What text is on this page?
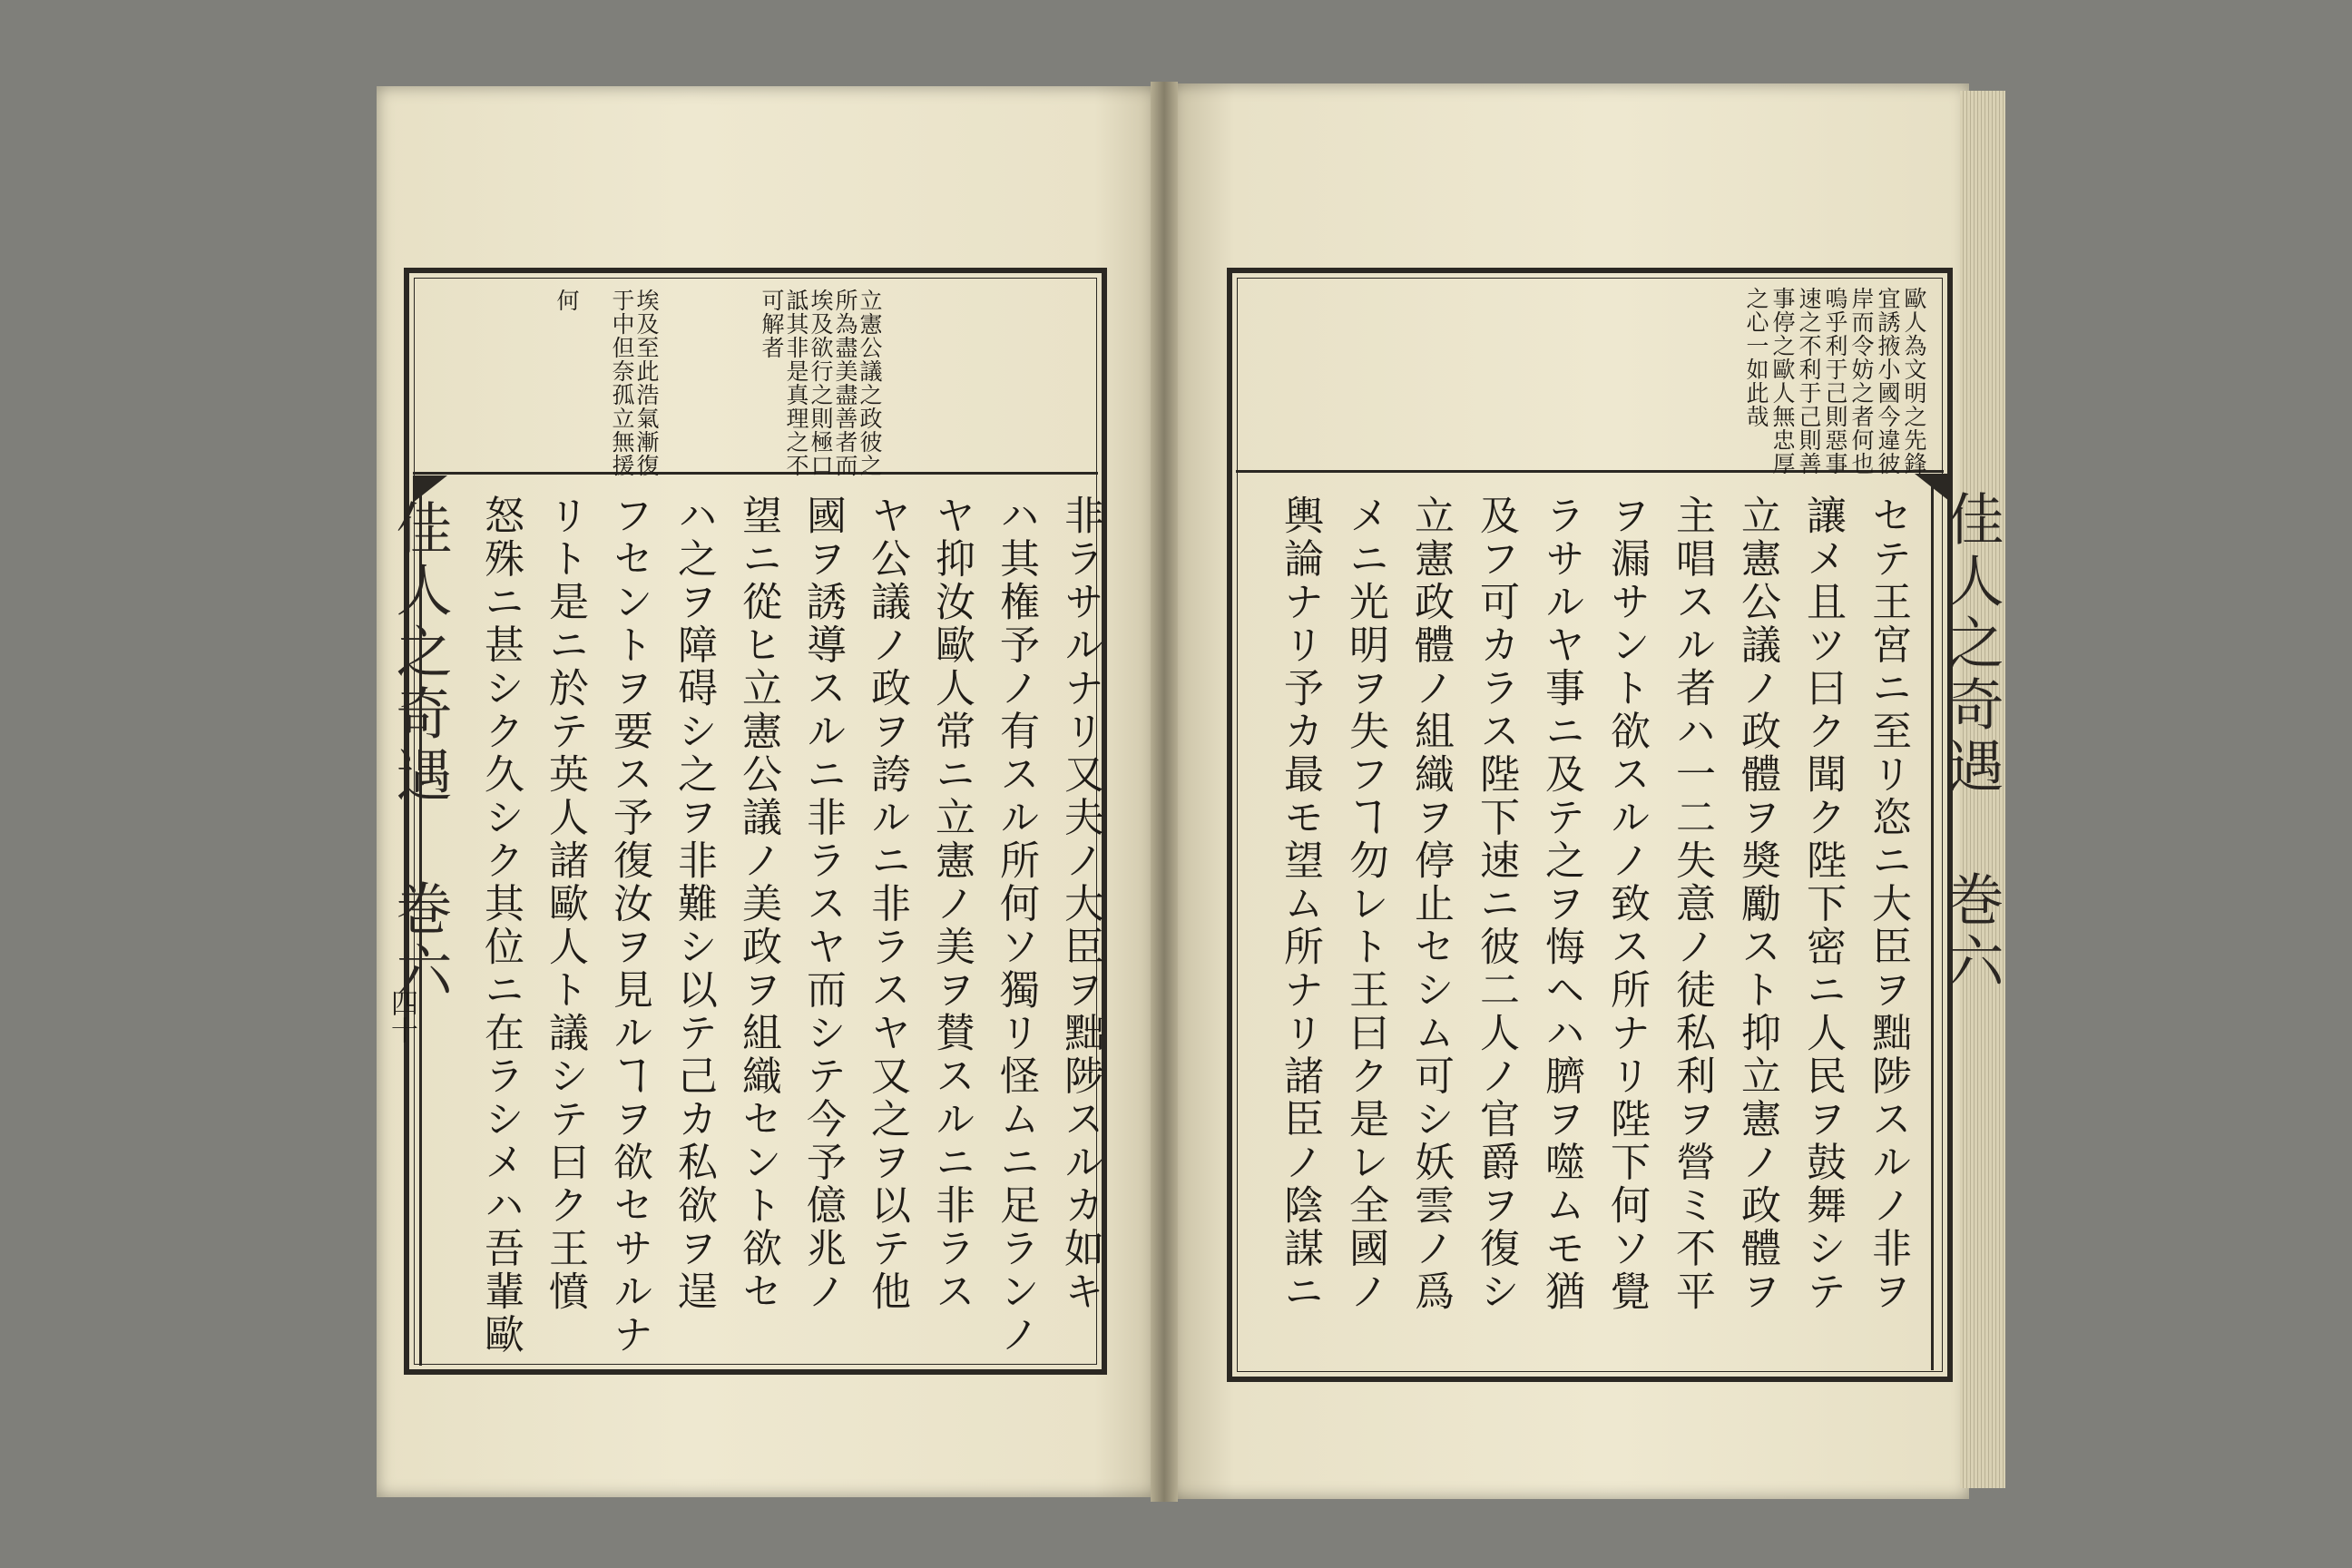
佳人之奇遇 巻六
四十
立憲公議之政彼之
所為盡美盡善者而
埃及欲行之則極口
詆其非是真理之不
可解者
埃及至此浩氣漸復
于中但奈孤立無援
何
非ラサルナリ又夫ノ大臣ヲ黜陟スルカ如キ
ハ其権予ノ有スル所何ソ獨リ怪ムニ足ランノ
ヤ抑汝歐人常ニ立憲ノ美ヲ賛スルニ非ラス
ヤ公議ノ政ヲ誇ルニ非ラスヤ又之ヲ以テ他
國ヲ誘導スルニ非ラスヤ而シテ今予億兆ノ
望ニ從ヒ立憲公議ノ美政ヲ組織セント欲セ
ハ之ヲ障碍シ之ヲ非難シ以テ己カ私欲ヲ逞
フセントヲ要ス予復汝ヲ見ルヿヲ欲セサルナ
リト是ニ於テ英人諸歐人ト議シテ曰ク王憤
怒殊ニ甚シク久シク其位ニ在ラシメハ吾輩歐	佳人之奇遇 巻六
歐人為文明之先鋒
宜誘掖小國今違彼
岸而令妨之者何也
嗚乎利于己則惡事
速之不利于己則善
事停之歐人無忠厚
之心一如此哉
セテ王宮ニ至リ恣ニ大臣ヲ黜陟スルノ非ヲ
讓メ且ツ曰ク聞ク陛下密ニ人民ヲ鼓舞シテ
立憲公議ノ政體ヲ奬勵スト抑立憲ノ政體ヲ
主唱スル者ハ一二失意ノ徒私利ヲ營ミ不平
ヲ漏サント欲スルノ致ス所ナリ陛下何ソ覺
ラサルヤ事ニ及テ之ヲ悔ヘハ臍ヲ噬ムモ猶
及フ可カラス陛下速ニ彼二人ノ官爵ヲ復シ
立憲政體ノ組織ヲ停止セシム可シ妖雲ノ爲
メニ光明ヲ失フヿ勿レト王曰ク是レ全國ノ
輿論ナリ予カ最モ望ム所ナリ諸臣ノ陰謀ニ
